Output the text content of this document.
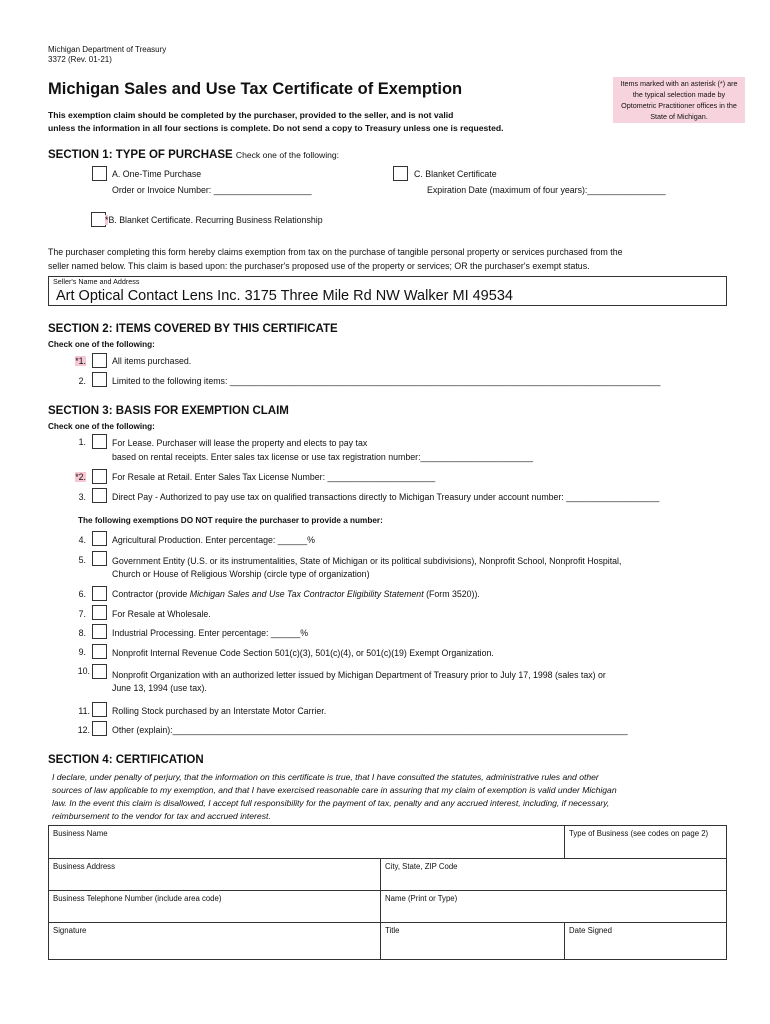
Michigan Department of Treasury
3372 (Rev. 01-21)
Michigan Sales and Use Tax Certificate of Exemption
This exemption claim should be completed by the purchaser, provided to the seller, and is not valid
unless the information in all four sections is complete. Do not send a copy to Treasury unless one is requested.
Items marked with an asterisk (*) are the typical selection made by Optometric Practitioner offices in the State of Michigan.
SECTION 1: TYPE OF PURCHASE Check one of the following:
A. One-Time Purchase
Order or Invoice Number: ____________________
C. Blanket Certificate
Expiration Date (maximum of four years):________________
*B. Blanket Certificate. Recurring Business Relationship
The purchaser completing this form hereby claims exemption from tax on the purchase of tangible personal property or services purchased from the
seller named below. This claim is based upon: the purchaser's proposed use of the property or services; OR the purchaser's exempt status.
Seller's Name and Address
Art Optical Contact Lens Inc. 3175 Three Mile Rd NW Walker MI 49534
SECTION 2: ITEMS COVERED BY THIS CERTIFICATE
Check one of the following:
*1.	All items purchased.
2.	Limited to the following items: ________________________________________________________________________________________
SECTION 3: BASIS FOR EXEMPTION CLAIM
Check one of the following:
1.	For Lease. Purchaser will lease the property and elects to pay tax
based on rental receipts. Enter sales tax license or use tax registration number:_______________________
*2.	For Resale at Retail. Enter Sales Tax License Number: ______________________
3.	Direct Pay - Authorized to pay use tax on qualified transactions directly to Michigan Treasury under account number: ___________________
The following exemptions DO NOT require the purchaser to provide a number:
4.	Agricultural Production. Enter percentage: ______%
5.	Government Entity (U.S. or its instrumentalities, State of Michigan or its political subdivisions), Nonprofit School, Nonprofit Hospital,
Church or House of Religious Worship (circle type of organization)
6.	Contractor (provide Michigan Sales and Use Tax Contractor Eligibility Statement (Form 3520)).
7.	For Resale at Wholesale.
8.	Industrial Processing. Enter percentage: ______%
9.	Nonprofit Internal Revenue Code Section 501(c)(3), 501(c)(4), or 501(c)(19) Exempt Organization.
10.	Nonprofit Organization with an authorized letter issued by Michigan Department of Treasury prior to July 17, 1998 (sales tax) or
June 13, 1994 (use tax).
11.	Rolling Stock purchased by an Interstate Motor Carrier.
12.	Other (explain):_____________________________________________________________________________________________
SECTION 4: CERTIFICATION
I declare, under penalty of perjury, that the information on this certificate is true, that I have consulted the statutes, administrative rules and other
sources of law applicable to my exemption, and that I have exercised reasonable care in assuring that my claim of exemption is valid under Michigan
law. In the event this claim is disallowed, I accept full responsibility for the payment of tax, penalty and any accrued interest, including, if necessary,
reimbursement to the vendor for tax and accrued interest.
Business Name		Type of Business (see codes on page 2)
Business Address	City, State, ZIP Code	
Business Telephone Number (include area code)	Name (Print or Type)	
Signature	Title	Date Signed
